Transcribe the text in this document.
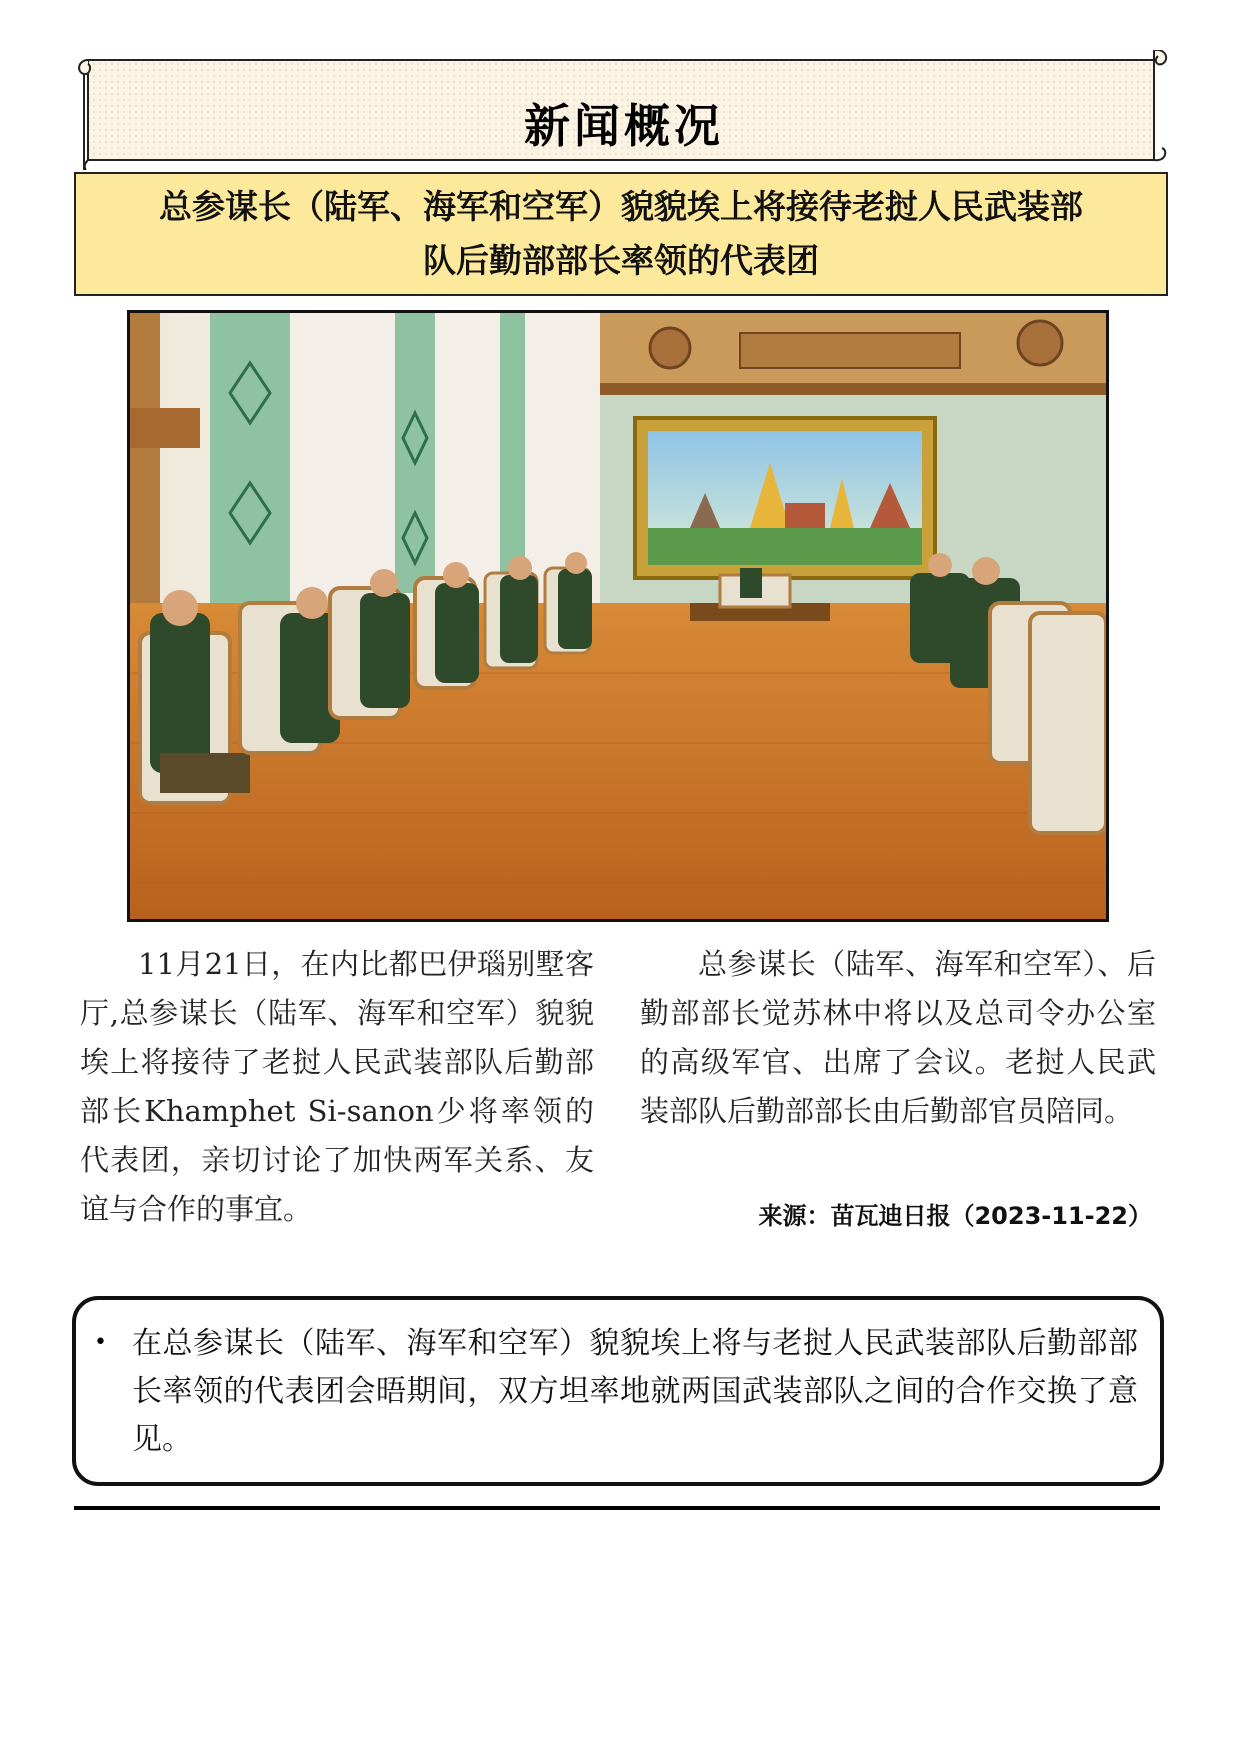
新闻概况
总参谋长（陆军、海军和空军）貌貌埃上将接待老挝人民武装部
队后勤部部长率领的代表团

11月21日，在内比都巴伊瑙别墅客厅,总参谋长（陆军、海军和空军）貌貌埃上将接待了老挝人民武装部队后勤部部长Khamphet Si-sanon少将率领的代表团，亲切讨论了加快两军关系、友谊与合作的事宜。

总参谋长（陆军、海军和空军）、后勤部部长觉苏林中将以及总司令办公室的高级军官、出席了会议。老挝人民武装部队后勤部部长由后勤部官员陪同。

来源：苗瓦迪日报（2023-11-22）
• 在总参谋长（陆军、海军和空军）貌貌埃上将与老挝人民武装部队后勤部部长率领的代表团会晤期间，双方坦率地就两国武装部队之间的合作交换了意见。
